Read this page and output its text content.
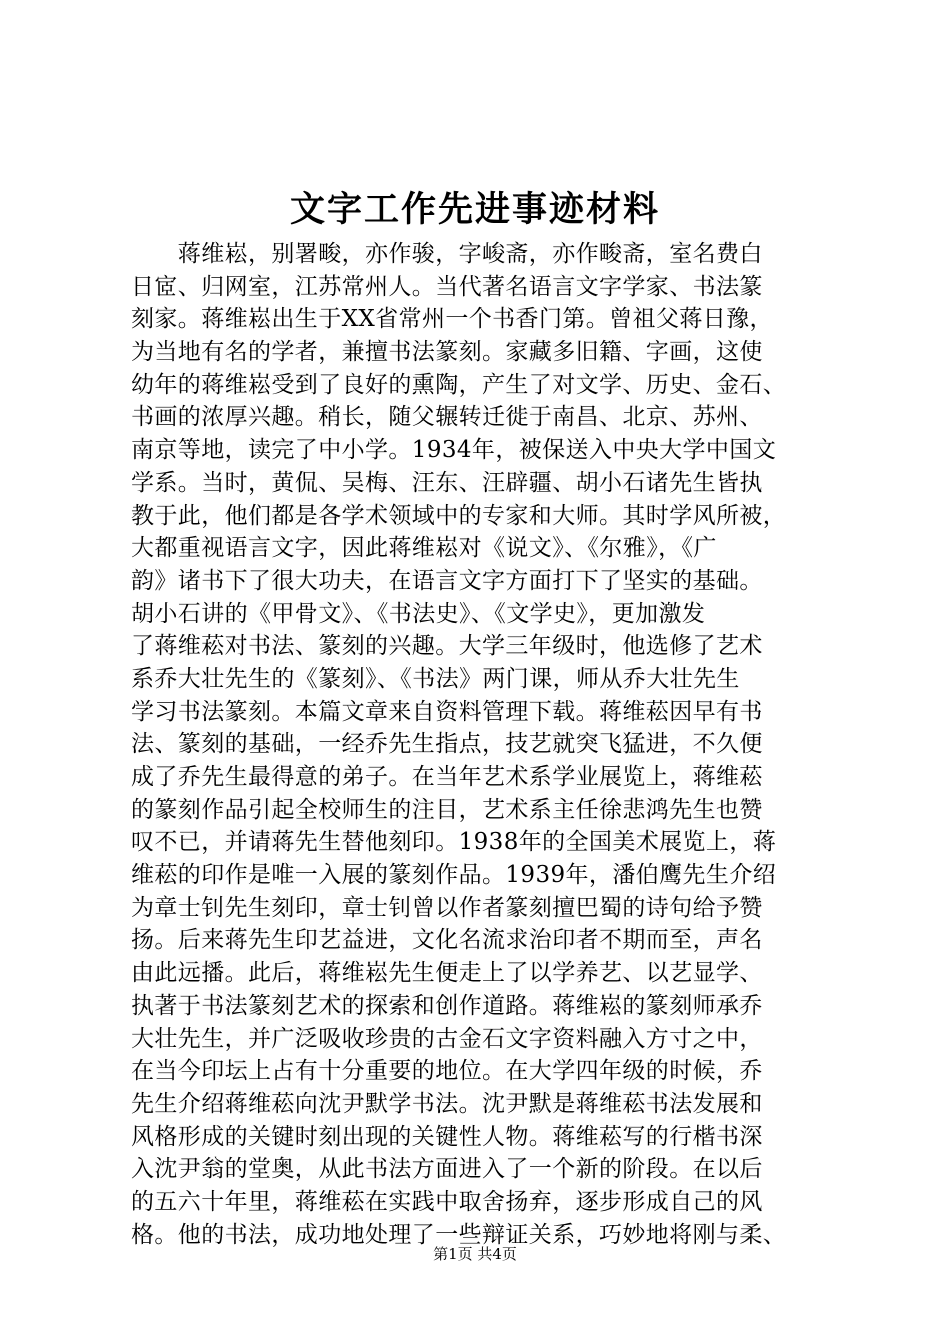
文字工作先进事迹材料
　　蒋维崧，别署畯，亦作骏，字峻斋，亦作畯斋，室名费白
日宧、归网室，江苏常州人。当代著名语言文字学家、书法篆
刻家。蒋维崧出生于XX省常州一个书香门第。曾祖父蒋日豫，
为当地有名的学者，兼擅书法篆刻。家藏多旧籍、字画，这使
幼年的蒋维崧受到了良好的熏陶，产生了对文学、历史、金石、
书画的浓厚兴趣。稍长，随父辗转迁徙于南昌、北京、苏州、
南京等地，读完了中小学。1934年，被保送入中央大学中国文
学系。当时，黄侃、吴梅、汪东、汪辟疆、胡小石诸先生皆执
教于此，他们都是各学术领域中的专家和大师。其时学风所被，
大都重视语言文字，因此蒋维崧对《说文》、《尔雅》，《广
韵》诸书下了很大功夫，在语言文字方面打下了坚实的基础。
胡小石讲的《甲骨文》、《书法史》、《文学史》，更加激发
了蒋维菘对书法、篆刻的兴趣。大学三年级时，他选修了艺术
系乔大壮先生的《篆刻》、《书法》两门课，师从乔大壮先生
学习书法篆刻。本篇文章来自资料管理下载。蒋维菘因早有书
法、篆刻的基础，一经乔先生指点，技艺就突飞猛进，不久便
成了乔先生最得意的弟子。在当年艺术系学业展览上，蒋维菘
的篆刻作品引起全校师生的注目，艺术系主任徐悲鸿先生也赞
叹不已，并请蒋先生替他刻印。1938年的全国美术展览上，蒋
维菘的印作是唯一入展的篆刻作品。1939年，潘伯鹰先生介绍
为章士钊先生刻印，章士钊曾以作者篆刻擅巴蜀的诗句给予赞
扬。后来蒋先生印艺益进，文化名流求治印者不期而至，声名
由此远播。此后，蒋维崧先生便走上了以学养艺、以艺显学、
执著于书法篆刻艺术的探索和创作道路。蒋维崧的篆刻师承乔
大壮先生，并广泛吸收珍贵的古金石文字资料融入方寸之中，
在当今印坛上占有十分重要的地位。在大学四年级的时候，乔
先生介绍蒋维菘向沈尹默学书法。沈尹默是蒋维菘书法发展和
风格形成的关键时刻出现的关键性人物。蒋维菘写的行楷书深
入沈尹翁的堂奥，从此书法方面进入了一个新的阶段。在以后
的五六十年里，蒋维菘在实践中取舍扬弃，逐步形成自己的风
格。他的书法，成功地处理了一些辩证关系，巧妙地将刚与柔、
第1页 共4页
